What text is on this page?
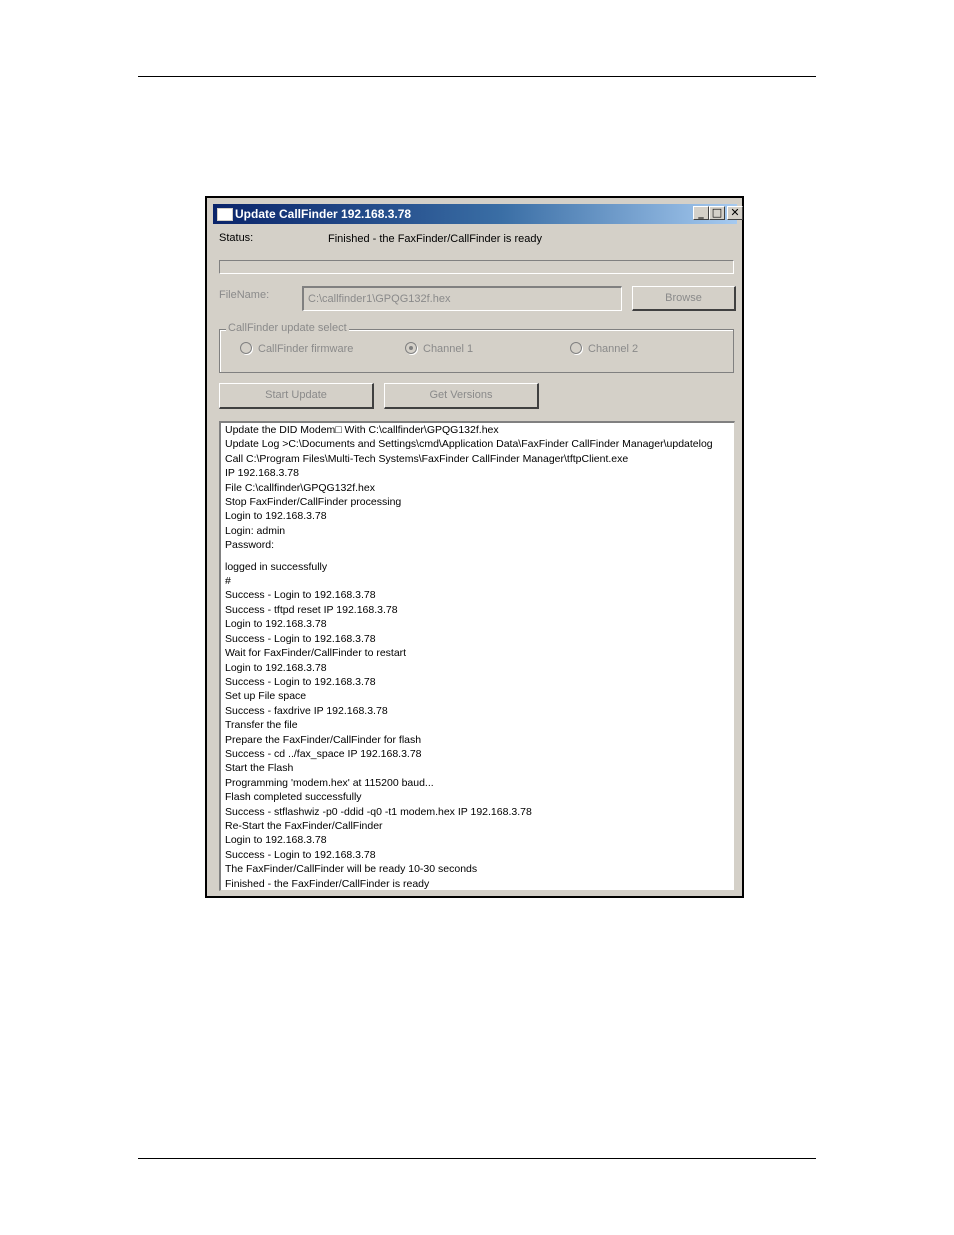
Update CallFinder 192.168.3.78	_ □ ✕
Status:	Finished - the FaxFinder/CallFinder is ready
FileName:	C:\callfinder1\GPQG132f.hex	Browse
CallFinder update select
CallFinder firmware	Channel 1	Channel 2
Start Update	Get Versions
Update the DID Modem□ With C:\callfinder\GPQG132f.hex
Update Log >C:\Documents and Settings\cmd\Application Data\FaxFinder CallFinder Manager\updatelog
Call C:\Program Files\Multi-Tech Systems\FaxFinder CallFinder Manager\tftpClient.exe
IP 192.168.3.78
File C:\callfinder\GPQG132f.hex
Stop FaxFinder/CallFinder processing
Login to 192.168.3.78
Login: admin
Password:
logged in successfully
#
Success - Login to 192.168.3.78
Success - tftpd reset IP 192.168.3.78
Login to 192.168.3.78
Success - Login to 192.168.3.78
Wait for FaxFinder/CallFinder to restart
Login to 192.168.3.78
Success - Login to 192.168.3.78
Set up File space
Success - faxdrive IP 192.168.3.78
Transfer the file
Prepare the FaxFinder/CallFinder for flash
Success - cd ../fax_space IP 192.168.3.78
Start the Flash
Programming 'modem.hex' at 115200 baud...
Flash completed successfully
Success - stflashwiz -p0 -ddid -q0 -t1 modem.hex IP 192.168.3.78
Re-Start the FaxFinder/CallFinder
Login to 192.168.3.78
Success - Login to 192.168.3.78
The FaxFinder/CallFinder will be ready 10-30 seconds
Finished - the FaxFinder/CallFinder is ready
